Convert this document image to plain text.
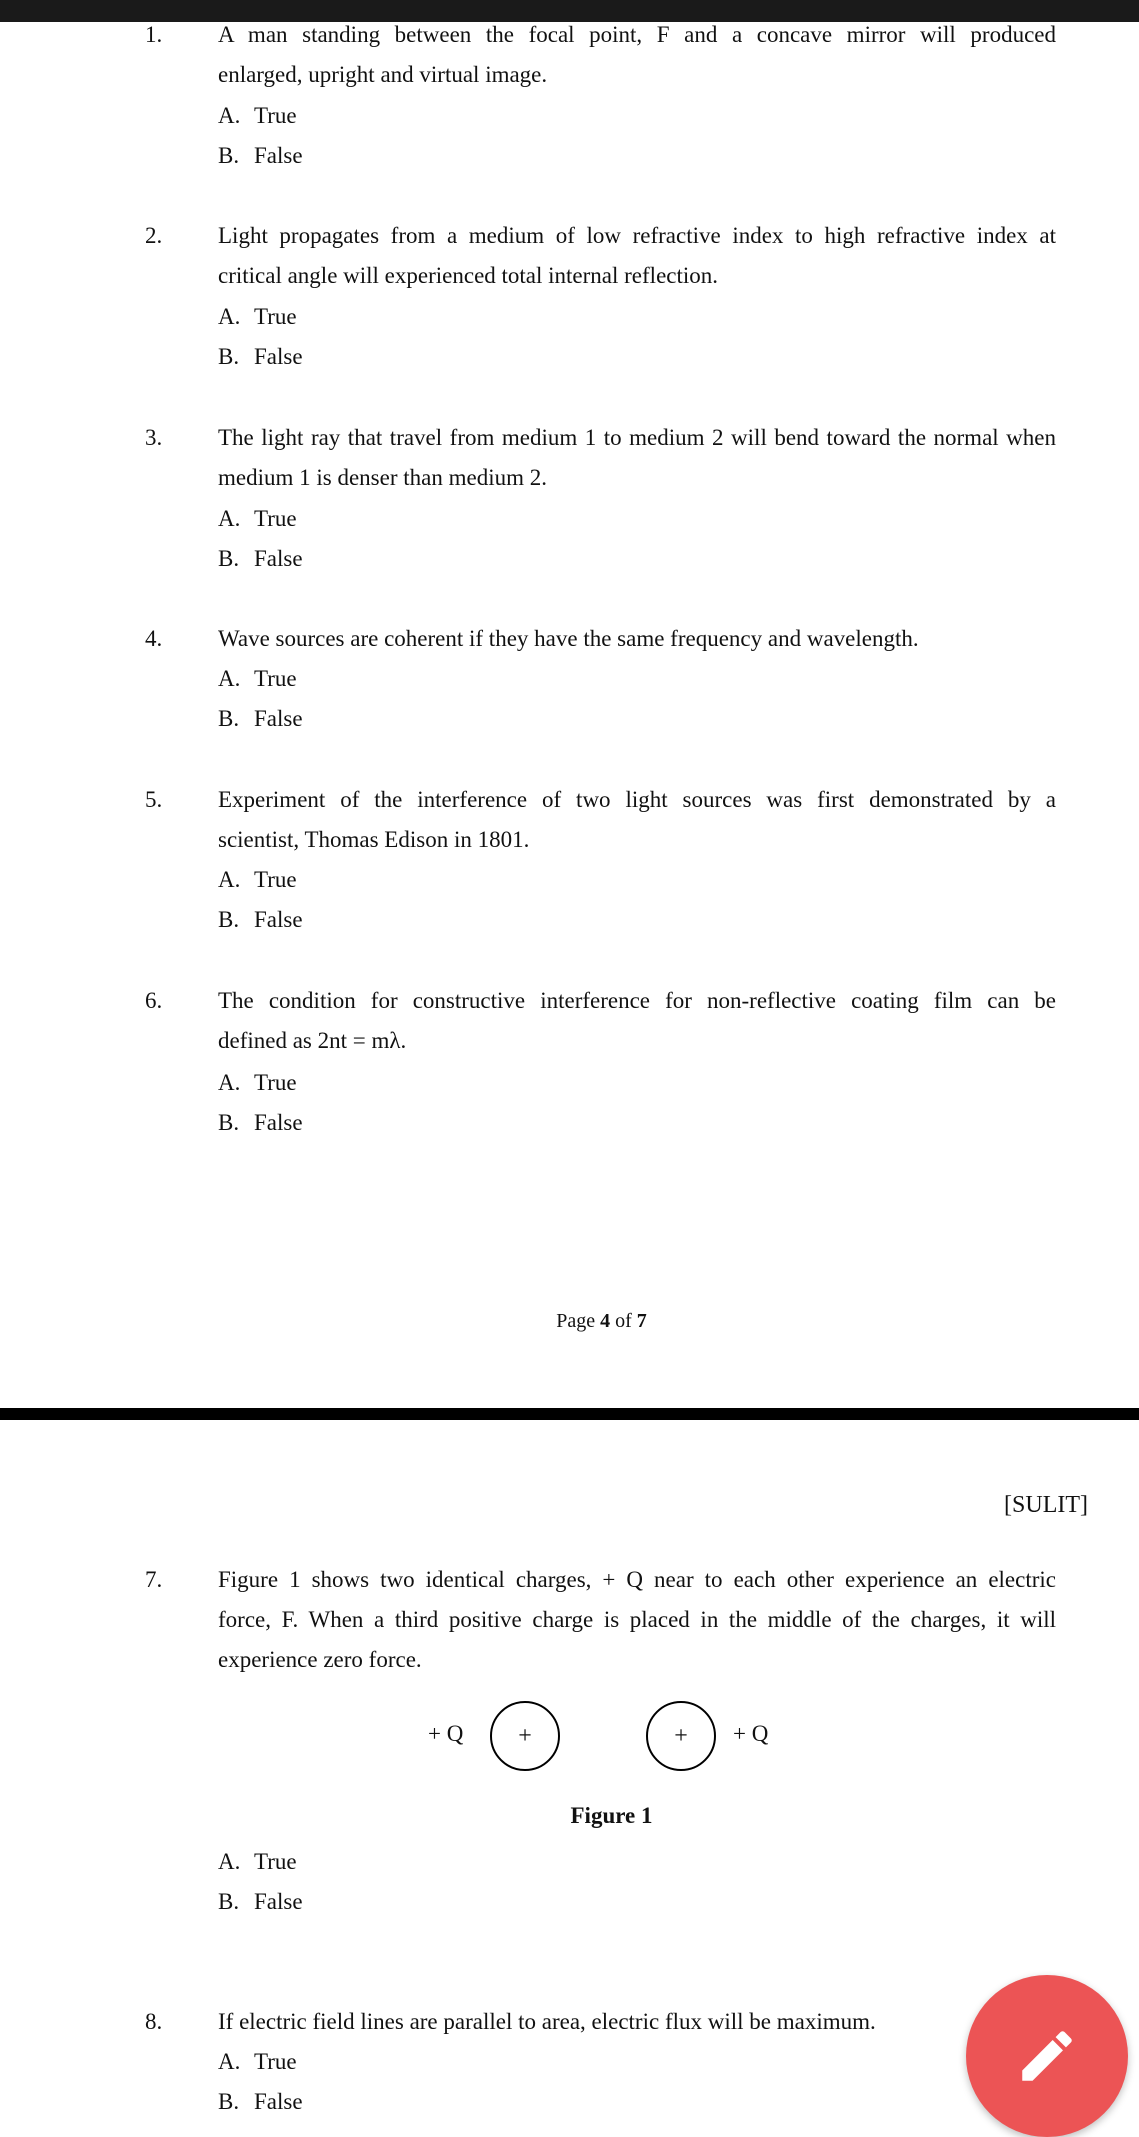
1. A man standing between the focal point, F and a concave mirror will produced
enlarged, upright and virtual image.
A. True
B. False
2. Light propagates from a medium of low refractive index to high refractive index at
critical angle will experienced total internal reflection.
A. True
B. False
3. The light ray that travel from medium 1 to medium 2 will bend toward the normal when
medium 1 is denser than medium 2.
A. True
B. False
4. Wave sources are coherent if they have the same frequency and wavelength.
A. True
B. False
5. Experiment of the interference of two light sources was first demonstrated by a
scientist, Thomas Edison in 1801.
A. True
B. False
6. The condition for constructive interference for non-reflective coating film can be
defined as 2nt = mλ.
A. True
B. False
Page 4 of 7
[SULIT]
7. Figure 1 shows two identical charges, + Q near to each other experience an electric
force, F. When a third positive charge is placed in the middle of the charges, it will
experience zero force.
+ Q	+	+	+ Q
Figure 1
A. True
B. False
8. If electric field lines are parallel to area, electric flux will be maximum.
A. True
B. False
